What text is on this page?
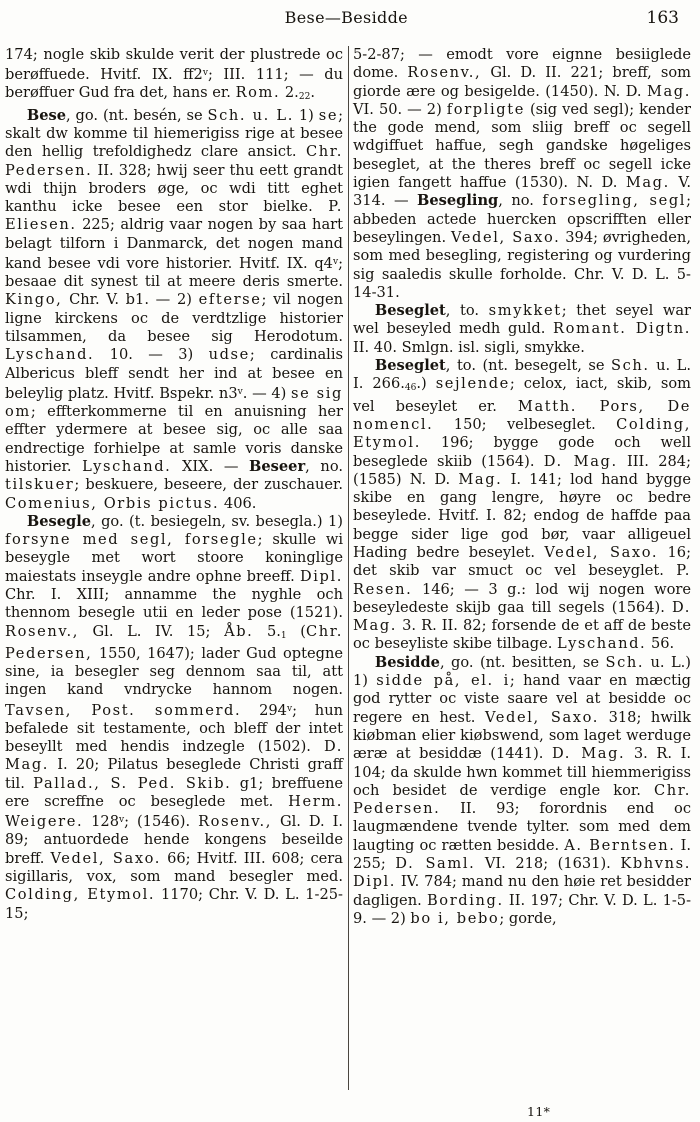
Bese—Besidde	163

174; nogle skib skulde verit der plustrede oc berøffuede. Hvitf. IX. ff2$^v$; III. 111; — du berøffuer Gud fra det, hans er. Rom. $2._{22}$.

Bese, go. (nt. besén, se Sch. u. L. 1) se; skalt dw komme til hiemerigiss rige at besee den hellig trefoldighedz clare ansict. Chr. Pedersen. II. 328; hwij seer thu eett grandt wdi thijn broders øge, oc wdi titt eghet kanthu icke besee een stor bielke. P. Eliesen. 225; aldrig vaar nogen by saa hart belagt tilforn i Danmarck, det nogen mand kand besee vdi vore historier. Hvitf. IX. q4$^v$; besaae dit synest til at meere deris smerte. Kingo, Chr. V. b1. — 2) efterse; vil nogen ligne kirckens oc de verdtzlige historier tilsammen, da besee sig Herodotum. Lyschand. 10. — 3) udse; cardinalis Albericus bleff sendt her ind at besee en beleylig platz. Hvitf. Bspekr. n3$^v$. — 4) se sig om; effterkommerne til en anuisning her effter ydermere at besee sig, oc alle saa endrectige forhielpe at samle voris danske historier. Lyschand. XIX. — Beseer, no. tilskuer; beskuere, beseere, der zuschauer. Comenius, Orbis pictus. 406.

Besegle, go. (t. besiegeln, sv. besegla.) 1) forsyne med segl, forsegle; skulle wi beseygle met wort stoore koninglige maiestats inseygle andre ophne breeff. Dipl. Chr. I. XIII; annamme the nyghle och thennom besegle utii en leder pose (1521). Rosenv., Gl. L. IV. 15; Åb. $5._1$ (Chr. Pedersen, 1550, 1647); lader Gud optegne sine, ia besegler seg dennom saa til, att ingen kand vndrycke hannom nogen. Tavsen, Post. sommerd. 294$^v$; hun befalede sit testamente, och bleff der intet beseyllt med hendis indzegle (1502). D. Mag. I. 20; Pilatus beseglede Christi graff til. Pallad., S. Ped. Skib. g1; breffuene ere screffne oc beseglede met. Herm. Weigere. 128$^v$; (1546). Rosenv., Gl. D. I. 89; antuordede hende kongens beseilde breff. Vedel, Saxo. 66; Hvitf. III. 608; cera sigillaris, vox, som mand besegler med. Colding, Etymol. 1170; Chr. V. D. L. 1-25-15;

5-2-87; — emodt vore eignne besiiglede dome. Rosenv., Gl. D. II. 221; breff, som giorde ære og besigelde. (1450). N. D. Mag. VI. 50. — 2) forpligte (sig ved segl); kender the gode mend, som sliig breff oc segell wdgiffuet haffue, segh gandske høgeliges beseglet, at the theres breff oc segell icke igien fangett haffue (1530). N. D. Mag. V. 314. — Besegling, no. forsegling, segl; abbeden actede huercken opscrifften eller beseylingen. Vedel, Saxo. 394; øvrigheden, som med besegling, registering og vurdering sig saaledis skulle forholde. Chr. V. D. L. 5-14-31.

Beseglet, to. smykket; thet seyel war wel beseyled medh guld. Romant. Digtn. II. 40. Smlgn. isl. sigli, smykke.

Beseglet, to. (nt. besegelt, se Sch. u. L. I. $266._{46}$.) sejlende; celox, iact, skib, som vel beseylet er. Matth. Pors, De nomencl. 150; velbeseglet. Colding, Etymol. 196; bygge gode och well beseglede skiib (1564). D. Mag. III. 284; (1585) N. D. Mag. I. 141; lod hand bygge skibe en gang lengre, høyre oc bedre beseylede. Hvitf. I. 82; endog de haffde paa begge sider lige god bør, vaar alligeuel Hading bedre beseylet. Vedel, Saxo. 16; det skib var smuct oc vel beseyglet. P. Resen. 146; — 3 g.: lod wij nogen wore beseyledeste skijb gaa till segels (1564). D. Mag. 3. R. II. 82; forsende de et aff de beste oc beseyliste skibe tilbage. Lyschand. 56.

Besidde, go. (nt. besitten, se Sch. u. L.) 1) sidde på, el. i; hand vaar en mæctig god rytter oc viste saare vel at besidde oc regere en hest. Vedel, Saxo. 318; hwilk kiøbman elier kiøbswend, som laget werduge æræ at besiddæ (1441). D. Mag. 3. R. I. 104; da skulde hwn kommet till hiemmerigiss och besidet de verdige engle kor. Chr. Pedersen. II. 93; forordnis end oc laugmændene tvende tylter. som med dem laugting oc rætten besidde. A. Berntsen. I. 255; D. Saml. VI. 218; (1631). Kbhvns. Dipl. IV. 784; mand nu den høie ret besidder dagligen. Bording. II. 197; Chr. V. D. L. 1-5-9. — 2) bo i, bebo; gorde,

11*
